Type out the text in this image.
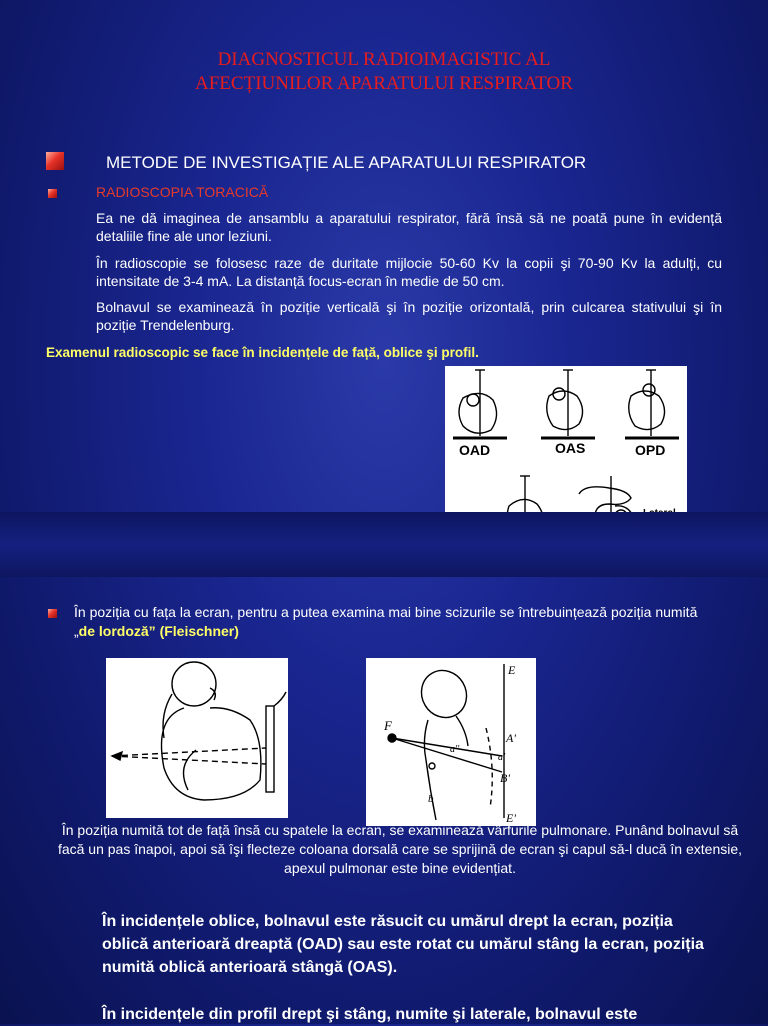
DIAGNOSTICUL RADIOIMAGISTIC AL
AFECȚIUNILOR APARATULUI RESPIRATOR
METODE DE INVESTIGAȚIE ALE APARATULUI RESPIRATOR
RADIOSCOPIA TORACICĂ
Ea ne dă imaginea de ansamblu a aparatului respirator, fără însă să ne poată pune în evidență detaliile fine ale unor leziuni.
În radioscopie se folosesc raze de duritate mijlocie 50-60 Kv la copii şi 70-90 Kv la adulți, cu intensitate de 3-4 mA. La distanță focus-ecran în medie de 50 cm.
Bolnavul se examinează în poziție verticală şi în poziție orizontală, prin culcarea stativului şi în poziție Trendelenburg.
Examenul radioscopic se face în incidențele de față, oblice şi profil.
OAD	OAS	OPD
În poziția cu fața la ecran, pentru a putea examina mai bine scizurile se întrebuințează poziția numită „de lordoză” (Fleischner)
E
A'
a'
B'
F
a''
b
E'
În poziția numită tot de față însă cu spatele la ecran, se examinează vârfurile pulmonare. Punând bolnavul să facă un pas înapoi, apoi să îşi flecteze coloana dorsală care se sprijină de ecran şi capul să-l ducă în extensie, apexul pulmonar este bine evidențiat.
În incidențele oblice, bolnavul este răsucit cu umărul drept la ecran, poziția oblică anterioară dreaptă (OAD) sau este rotat cu umărul stâng la ecran, poziția numită oblică anterioară stângă (OAS).
În incidențele din profil drept şi stâng, numite şi laterale, bolnavul este
